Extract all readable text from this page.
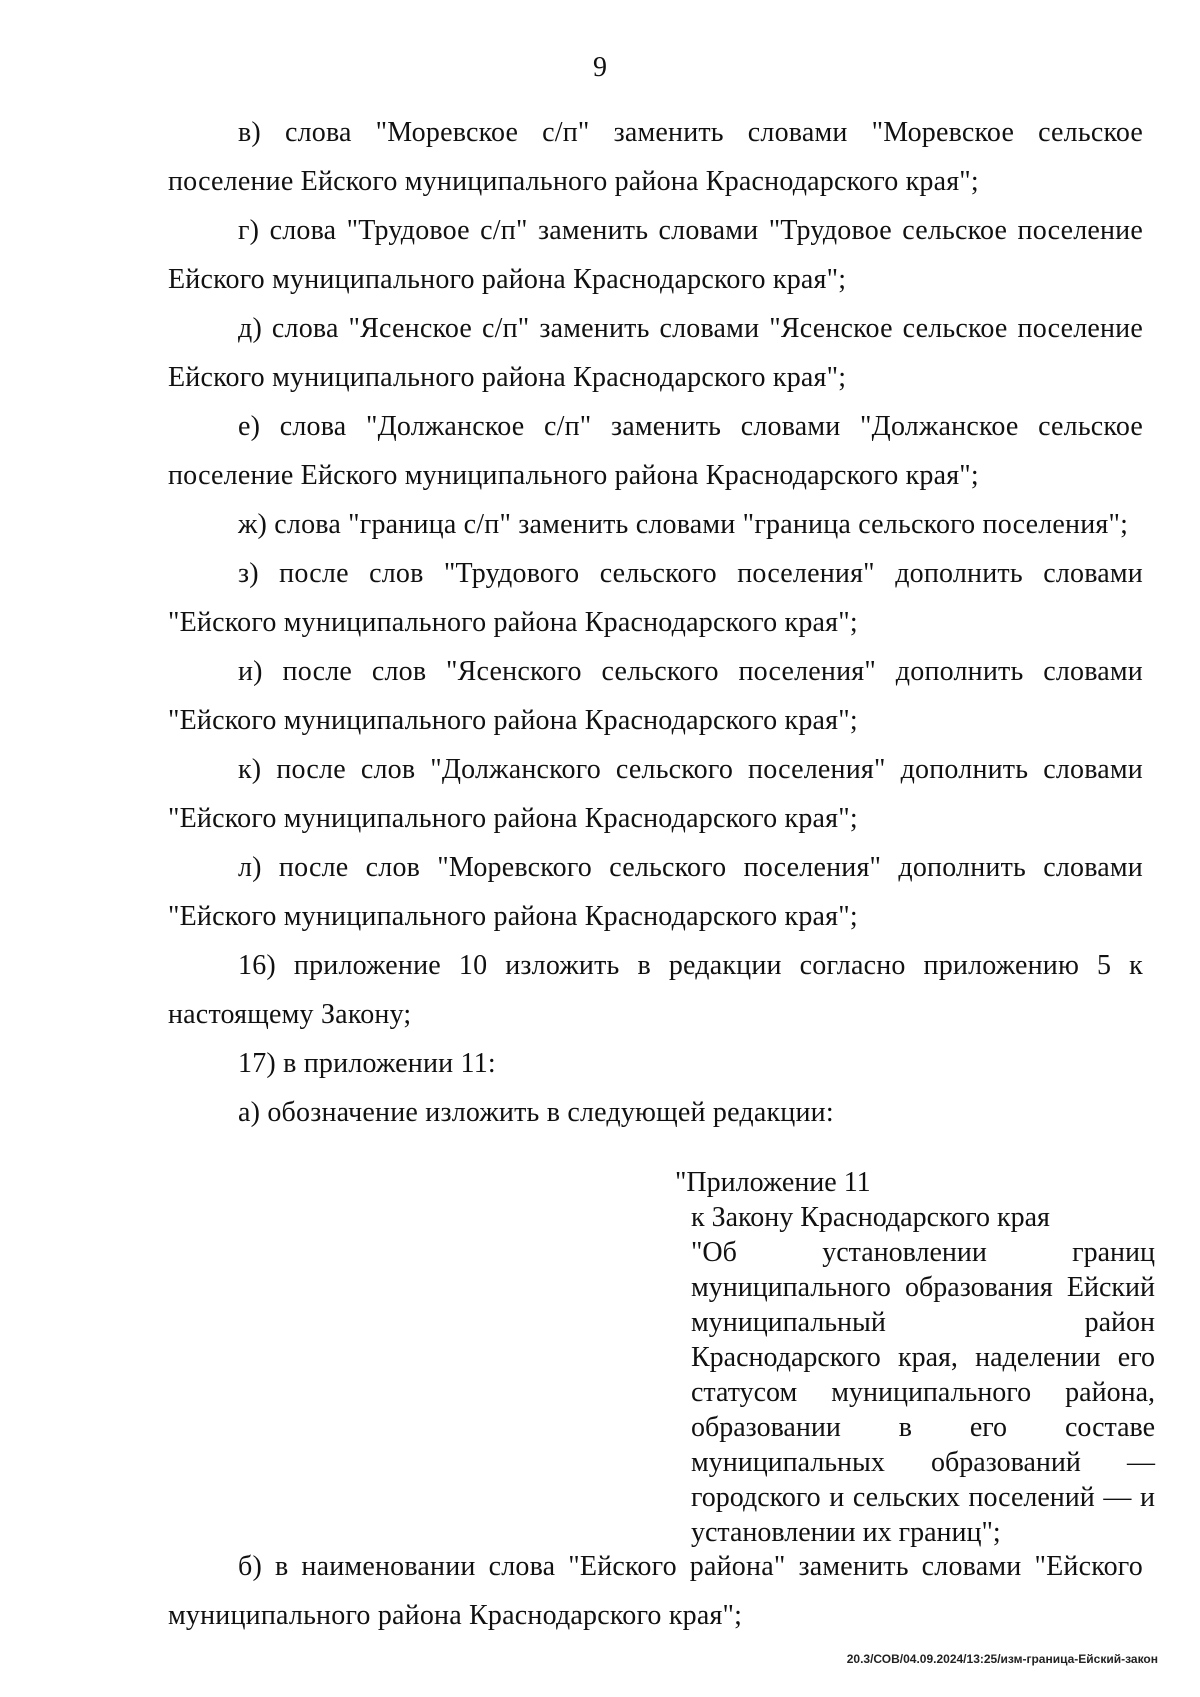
9

в) слова "Моревское с/п" заменить словами "Моревское сельское поселение Ейского муниципального района Краснодарского края";

г) слова "Трудовое с/п" заменить словами "Трудовое сельское поселение Ейского муниципального района Краснодарского края";

д) слова "Ясенское с/п" заменить словами "Ясенское сельское поселение Ейского муниципального района Краснодарского края";

е) слова "Должанское с/п" заменить словами "Должанское сельское поселение Ейского муниципального района Краснодарского края";

ж) слова "граница с/п" заменить словами "граница сельского поселения";

з) после слов "Трудового сельского поселения" дополнить словами "Ейского муниципального района Краснодарского края";

и) после слов "Ясенского сельского поселения" дополнить словами "Ейского муниципального района Краснодарского края";

к) после слов "Должанского сельского поселения" дополнить словами "Ейского муниципального района Краснодарского края";

л) после слов "Моревского сельского поселения" дополнить словами "Ейского муниципального района Краснодарского края";

16) приложение 10 изложить в редакции согласно приложению 5 к настоящему Закону;

17) в приложении 11:

а) обозначение изложить в следующей редакции:

"Приложение 11

к Закону Краснодарского края

"Об установлении границ муниципального образования Ейский муниципальный район Краснодарского края, наделении его статусом муниципального района, образовании в его составе муниципальных образований — городского и сельских поселений — и установлении их границ";

б) в наименовании слова "Ейского района" заменить словами "Ейского муниципального района Краснодарского края";

20.3/СОВ/04.09.2024/13:25/изм-граница-Ейский-закон
